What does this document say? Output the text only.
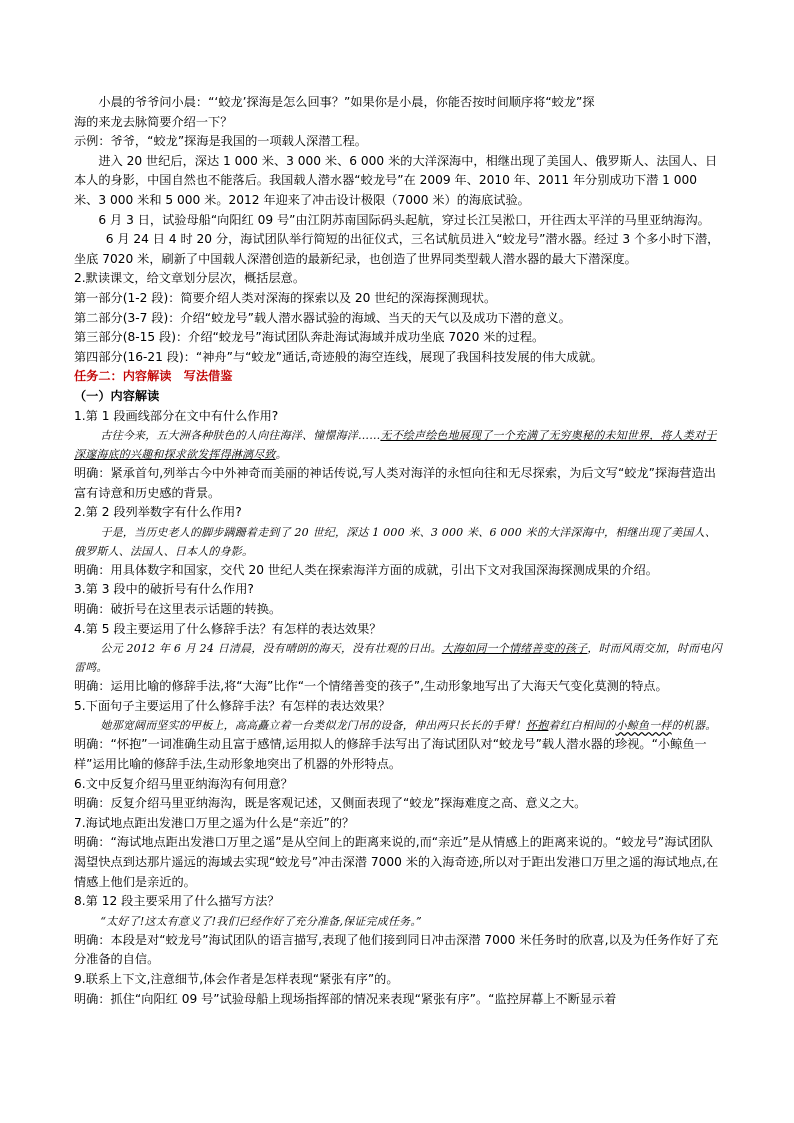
小晨的爷爷问小晨：“‘蛟龙’探海是怎么回事？”如果你是小晨，你能否按时间顺序将“蛟龙”探

海的来龙去脉简要介绍一下？

示例：爷爷，“蛟龙”探海是我国的一项载人深潜工程。

进入 20 世纪后，深达 1 000 米、3 000 米、6 000 米的大洋深海中，相继出现了美国人、俄罗斯人、法国人、日本人的身影，中国自然也不能落后。我国载人潜水器“蛟龙号”在 2009 年、2010 年、2011 年分别成功下潜 1 000 米、3 000 米和 5 000 米。2012 年迎来了冲击设计极限（7000 米）的海底试验。

6 月 3 日，试验母船“向阳红 09 号”由江阴苏南国际码头起航，穿过长江吴淞口，开往西太平洋的马里亚纳海沟。

6 月 24 日 4 时 20 分，海试团队举行简短的出征仪式，三名试航员进入“蛟龙号”潜水器。经过 3 个多小时下潜，坐底 7020 米，刷新了中国载人深潜创造的最新纪录，也创造了世界同类型载人潜水器的最大下潜深度。

2.默读课文，给文章划分层次，概括层意。

第一部分(1-2 段)：简要介绍人类对深海的探索以及 20 世纪的深海探测现状。

第二部分(3-7 段)：介绍“蛟龙号”载人潜水器试验的海域、当天的天气以及成功下潜的意义。

第三部分(8-15 段)：介绍“蛟龙号”海试团队奔赴海试海域并成功坐底 7020 米的过程。

第四部分(16-21 段)：“神舟”与“蛟龙”通话,奇迹般的海空连线，展现了我国科技发展的伟大成就。

任务二：内容解读　写法借鉴

（一）内容解读

1.第 1 段画线部分在文中有什么作用?

古往今来，五大洲各种肤色的人向往海洋、憧憬海洋……无不绘声绘色地展现了一个充满了无穷奥秘的未知世界，将人类对于深邃海底的兴趣和探求欲发挥得淋漓尽致。

明确：紧承首句,列举古今中外神奇而美丽的神话传说,写人类对海洋的永恒向往和无尽探索，为后文写“蛟龙”探海营造出富有诗意和历史感的背景。

2.第 2 段列举数字有什么作用?

于是，当历史老人的脚步蹒跚着走到了 20 世纪，深达 1 000 米、3 000 米、6 000 米的大洋深海中，相继出现了美国人、俄罗斯人、法国人、日本人的身影。

明确：用具体数字和国家，交代 20 世纪人类在探索海洋方面的成就，引出下文对我国深海探测成果的介绍。

3.第 3 段中的破折号有什么作用?

明确：破折号在这里表示话题的转换。

4.第 5 段主要运用了什么修辞手法？有怎样的表达效果？

公元 2012 年 6 月 24 日清晨，没有晴朗的海天，没有壮观的日出。大海如同一个情绪善变的孩子，时而风雨交加，时而电闪雷鸣。

明确：运用比喻的修辞手法,将“大海”比作“一个情绪善变的孩子”,生动形象地写出了大海天气变化莫测的特点。

5.下面句子主要运用了什么修辞手法？有怎样的表达效果？

她那宽阔而坚实的甲板上，高高矗立着一台类似龙门吊的设备，伸出两只长长的手臂！怀抱着红白相间的小鲸鱼一样的机器。

明确：“怀抱”一词准确生动且富于感情,运用拟人的修辞手法写出了海试团队对“蛟龙号”载人潜水器的珍视。“小鲸鱼一样”运用比喻的修辞手法,生动形象地突出了机器的外形特点。

6.文中反复介绍马里亚纳海沟有何用意？

明确：反复介绍马里亚纳海沟，既是客观记述，又侧面表现了“蛟龙”探海难度之高、意义之大。

7.海试地点距出发港口万里之遥为什么是“亲近”的？

明确：“海试地点距出发港口万里之遥”是从空间上的距离来说的,而“亲近”是从情感上的距离来说的。“蛟龙号”海试团队渴望快点到达那片遥远的海域去实现“蛟龙号”冲击深潜 7000 米的入海奇迹,所以对于距出发港口万里之遥的海试地点,在情感上他们是亲近的。

8.第 12 段主要采用了什么描写方法？

“太好了!这太有意义了!我们已经作好了充分准备,保证完成任务。”

明确：本段是对“蛟龙号”海试团队的语言描写,表现了他们接到同日冲击深潜 7000 米任务时的欣喜,以及为任务作好了充分准备的自信。

9.联系上下文,注意细节,体会作者是怎样表现“紧张有序”的。

明确：抓住“向阳红 09 号”试验母船上现场指挥部的情况来表现“紧张有序”。“监控屏幕上不断显示着
